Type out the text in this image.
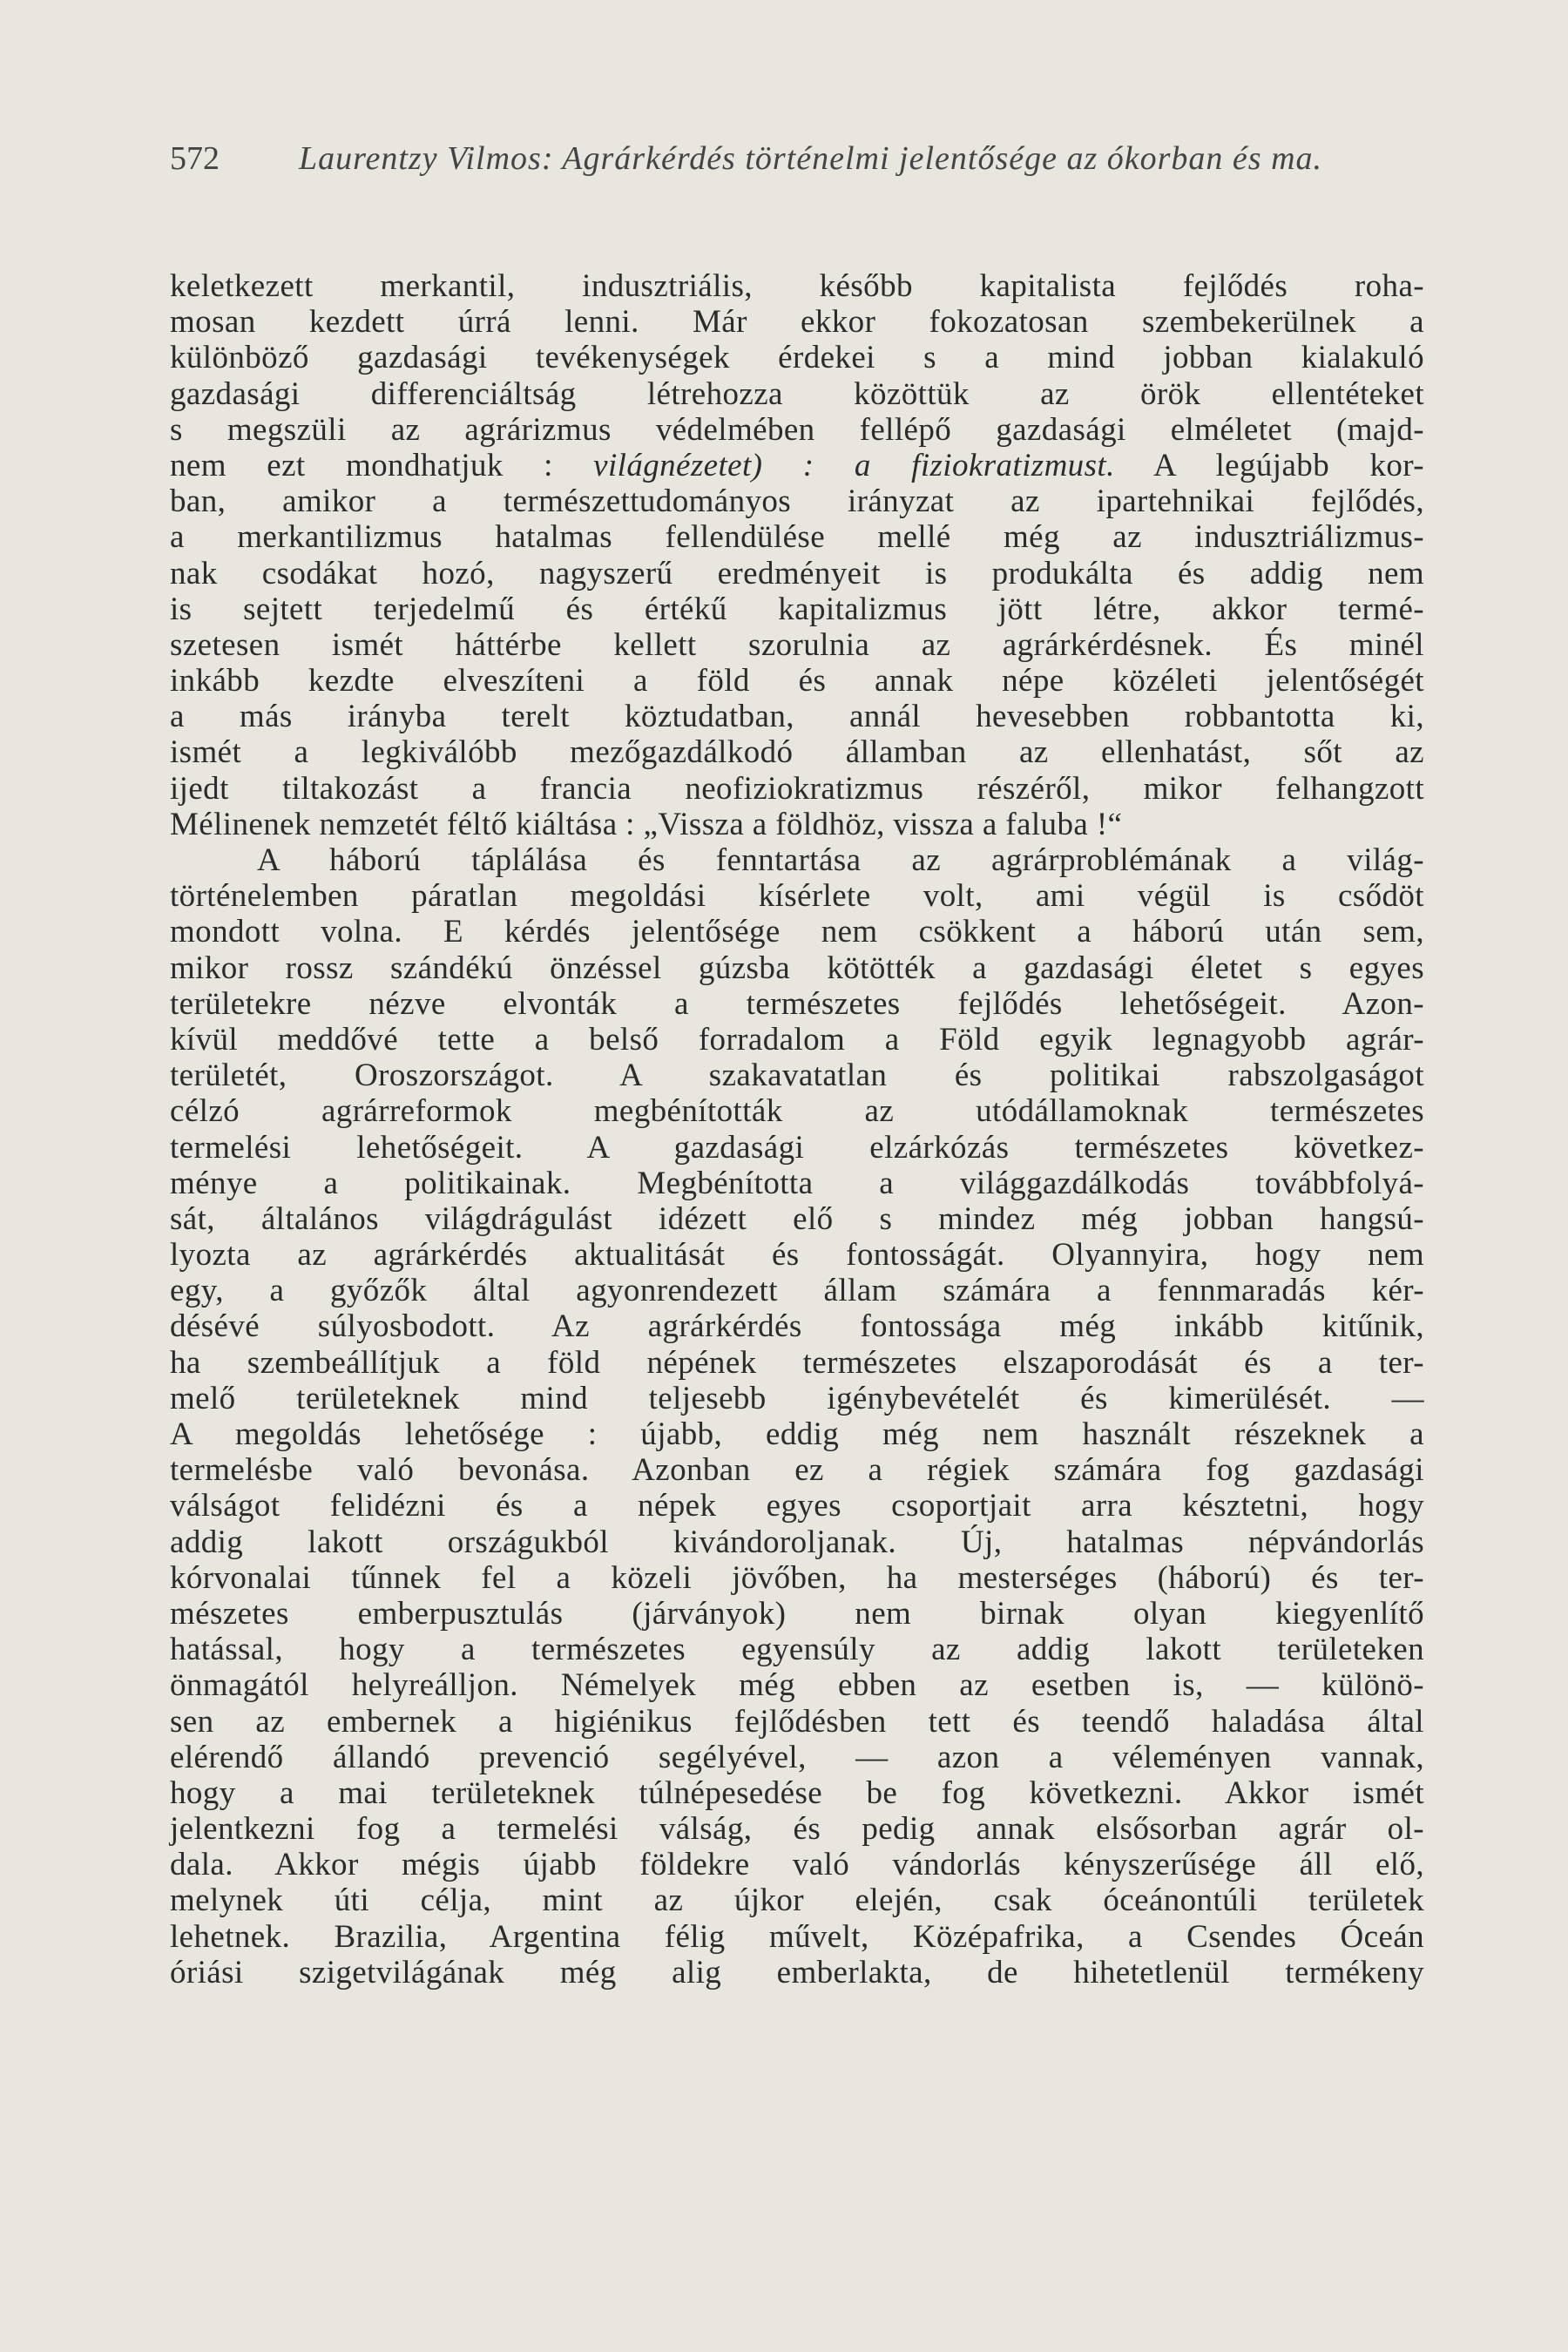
572 Laurentzy Vilmos: Agrárkérdés történelmi jelentősége az ókorban és ma.
keletkezett merkantil, indusztriális, később kapitalista fejlődés roha-
mosan kezdett úrrá lenni. Már ekkor fokozatosan szembekerülnek a
különböző gazdasági tevékenységek érdekei s a mind jobban kialakuló
gazdasági differenciáltság létrehozza közöttük az örök ellentéteket
s megszüli az agrárizmus védelmében fellépő gazdasági elméletet (majd-
nem ezt mondhatjuk : világnézetet) : a fiziokratizmust. A legújabb kor-
ban, amikor a természettudományos irányzat az ipartehnikai fejlődés,
a merkantilizmus hatalmas fellendülése mellé még az indusztriálizmus-
nak csodákat hozó, nagyszerű eredményeit is produkálta és addig nem
is sejtett terjedelmű és értékű kapitalizmus jött létre, akkor termé-
szetesen ismét háttérbe kellett szorulnia az agrárkérdésnek. És minél
inkább kezdte elveszíteni a föld és annak népe közéleti jelentőségét
a más irányba terelt köztudatban, annál hevesebben robbantotta ki,
ismét a legkiválóbb mezőgazdálkodó államban az ellenhatást, sőt az
ijedt tiltakozást a francia neofiziokratizmus részéről, mikor felhangzott
Mélinenek nemzetét féltő kiáltása : „Vissza a földhöz, vissza a faluba !“
A háború táplálása és fenntartása az agrárproblémának a világ-
történelemben páratlan megoldási kísérlete volt, ami végül is csődöt
mondott volna. E kérdés jelentősége nem csökkent a háború után sem,
mikor rossz szándékú önzéssel gúzsba kötötték a gazdasági életet s egyes
területekre nézve elvonták a természetes fejlődés lehetőségeit. Azon-
kívül meddővé tette a belső forradalom a Föld egyik legnagyobb agrár-
területét, Oroszországot. A szakavatatlan és politikai rabszolgaságot
célzó agrárreformok megbénították az utódállamoknak természetes
termelési lehetőségeit. A gazdasági elzárkózás természetes következ-
ménye a politikainak. Megbénította a világgazdálkodás továbbfolyá-
sát, általános világdrágulást idézett elő s mindez még jobban hangsú-
lyozta az agrárkérdés aktualitását és fontosságát. Olyannyira, hogy nem
egy, a győzők által agyonrendezett állam számára a fennmaradás kér-
désévé súlyosbodott. Az agrárkérdés fontossága még inkább kitűnik,
ha szembeállítjuk a föld népének természetes elszaporodását és a ter-
melő területeknek mind teljesebb igénybevételét és kimerülését. —
A megoldás lehetősége : újabb, eddig még nem használt részeknek a
termelésbe való bevonása. Azonban ez a régiek számára fog gazdasági
válságot felidézni és a népek egyes csoportjait arra késztetni, hogy
addig lakott országukból kivándoroljanak. Új, hatalmas népvándorlás
kórvonalai tűnnek fel a közeli jövőben, ha mesterséges (háború) és ter-
mészetes emberpusztulás (járványok) nem birnak olyan kiegyenlítő
hatással, hogy a természetes egyensúly az addig lakott területeken
önmagától helyreálljon. Némelyek még ebben az esetben is, — különö-
sen az embernek a higiénikus fejlődésben tett és teendő haladása által
elérendő állandó prevenció segélyével, — azon a véleményen vannak,
hogy a mai területeknek túlnépesedése be fog következni. Akkor ismét
jelentkezni fog a termelési válság, és pedig annak elsősorban agrár ol-
dala. Akkor mégis újabb földekre való vándorlás kényszerűsége áll elő,
melynek úti célja, mint az újkor elején, csak óceánontúli területek
lehetnek. Brazilia, Argentina félig művelt, Középafrika, a Csendes Óceán
óriási szigetvilágának még alig emberlakta, de hihetetlenül termékeny
